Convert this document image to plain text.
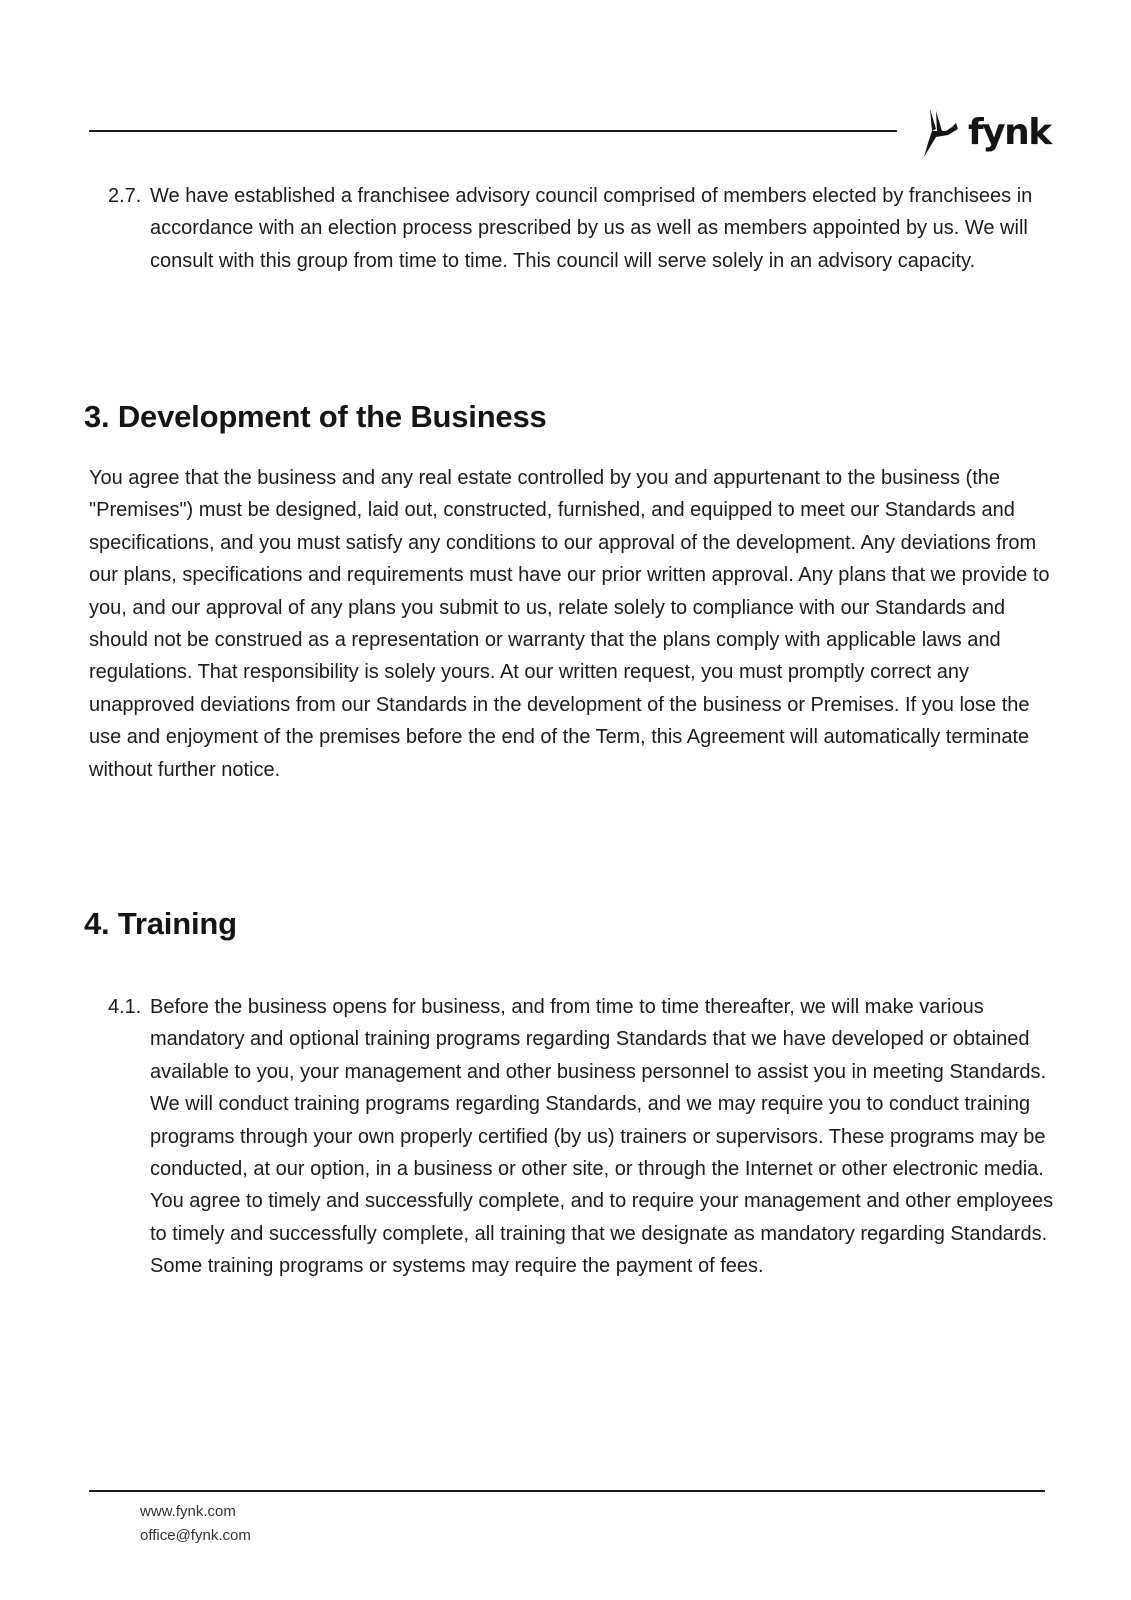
fynk
2.7. We have established a franchisee advisory council comprised of members elected by franchisees in accordance with an election process prescribed by us as well as members appointed by us. We will consult with this group from time to time. This council will serve solely in an advisory capacity.
3. Development of the Business

You agree that the business and any real estate controlled by you and appurtenant to the business (the "Premises") must be designed, laid out, constructed, furnished, and equipped to meet our Standards and specifications, and you must satisfy any conditions to our approval of the development. Any deviations from our plans, specifications and requirements must have our prior written approval. Any plans that we provide to you, and our approval of any plans you submit to us, relate solely to compliance with our Standards and should not be construed as a representation or warranty that the plans comply with applicable laws and regulations. That responsibility is solely yours. At our written request, you must promptly correct any unapproved deviations from our Standards in the development of the business or Premises. If you lose the use and enjoyment of the premises before the end of the Term, this Agreement will automatically terminate without further notice.

4. Training
4.1. Before the business opens for business, and from time to time thereafter, we will make various mandatory and optional training programs regarding Standards that we have developed or obtained available to you, your management and other business personnel to assist you in meeting Standards. We will conduct training programs regarding Standards, and we may require you to conduct training programs through your own properly certified (by us) trainers or supervisors. These programs may be conducted, at our option, in a business or other site, or through the Internet or other electronic media. You agree to timely and successfully complete, and to require your management and other employees to timely and successfully complete, all training that we designate as mandatory regarding Standards. Some training programs or systems may require the payment of fees.
www.fynk.com
office@fynk.com
